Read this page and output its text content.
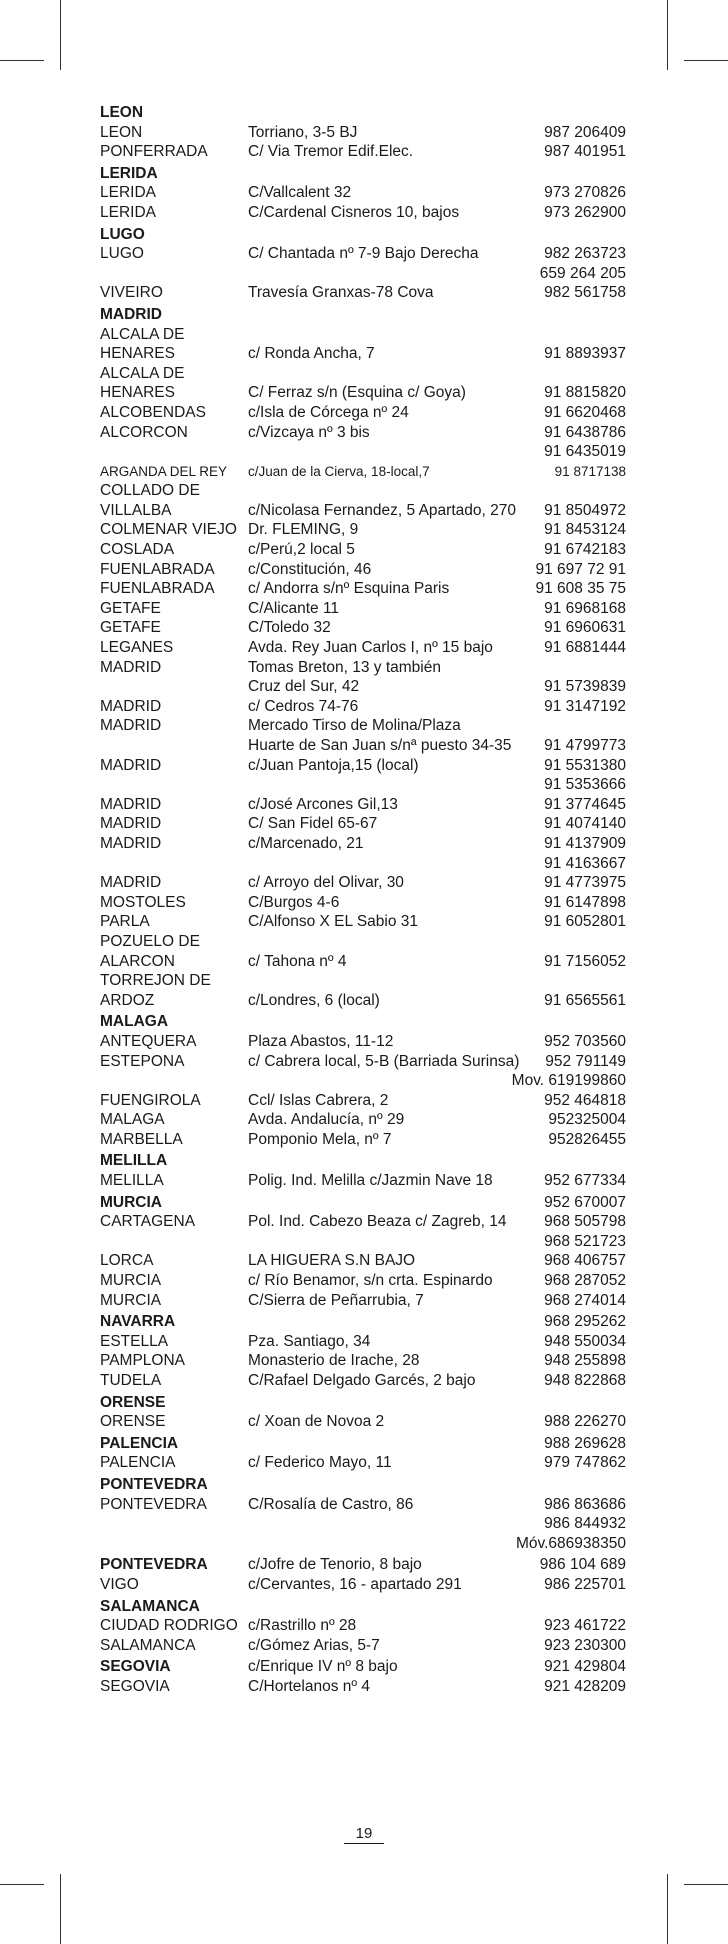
LEON
LEON	Torriano, 3-5 BJ	987 206409
PONFERRADA	C/ Via Tremor Edif.Elec.	987 401951
LERIDA
LERIDA	C/Vallcalent 32	973 270826
LERIDA	C/Cardenal Cisneros 10, bajos	973 262900
LUGO
LUGO	C/ Chantada nº 7-9 Bajo Derecha	982 263723
659 264 205
VIVEIRO	Travesía Granxas-78 Cova	982 561758
MADRID
ALCALA DE
HENARES	c/ Ronda Ancha, 7	91 8893937
ALCALA DE
HENARES	C/ Ferraz s/n (Esquina c/ Goya)	91 8815820
ALCOBENDAS	c/Isla de Córcega nº 24	91 6620468
ALCORCON	c/Vizcaya nº 3 bis	91 6438786
91 6435019
ARGANDA DEL REY c/Juan de la Cierva, 18-local,7	91 8717138
COLLADO DE
VILLALBA	c/Nicolasa Fernandez, 5 Apartado, 270 91 8504972
COLMENAR VIEJO Dr. FLEMING, 9	91 8453124
COSLADA	c/Perú,2 local 5	91 6742183
FUENLABRADA c/Constitución, 46	91 697 72 91
FUENLABRADA c/ Andorra s/nº Esquina Paris	91 608 35 75
GETAFE	C/Alicante 11	91 6968168
GETAFE	C/Toledo 32	91 6960631
LEGANES	Avda. Rey Juan Carlos I, nº 15 bajo	91 6881444
MADRID	Tomas Breton, 13 y también
Cruz del Sur, 42	91 5739839
MADRID	c/ Cedros 74-76	91 3147192
MADRID	Mercado Tirso de Molina/Plaza
Huarte de San Juan s/nª puesto 34-35 91 4799773
MADRID	c/Juan Pantoja,15 (local)	91 5531380
91 5353666
MADRID	c/José Arcones Gil,13	91 3774645
MADRID	C/ San Fidel 65-67	91 4074140
MADRID	c/Marcenado, 21	91 4137909
91 4163667
MADRID	c/ Arroyo del Olivar, 30	91 4773975
MOSTOLES	C/Burgos 4-6	91 6147898
PARLA	C/Alfonso X EL Sabio 31	91 6052801
POZUELO DE
ALARCON	c/ Tahona nº 4	91 7156052
TORREJON DE
ARDOZ	c/Londres, 6 (local)	91 6565561
MALAGA
ANTEQUERA	Plaza Abastos, 11-12	952 703560
ESTEPONA	c/ Cabrera local, 5-B (Barriada Surinsa) 952 791149
Mov. 619199860
FUENGIROLA	Ccl/ Islas Cabrera, 2	952 464818
MALAGA	Avda. Andalucía, nº 29	952325004
MARBELLA	Pomponio Mela, nº 7	952826455
MELILLA
MELILLA	Polig. Ind. Melilla c/Jazmin Nave 18	952 677334
MURCIA	952 670007
CARTAGENA	Pol. Ind. Cabezo Beaza c/ Zagreb, 14 968 505798
968 521723
LORCA	LA HIGUERA S.N BAJO	968 406757
MURCIA	c/ Río Benamor, s/n crta. Espinardo	968 287052
MURCIA	C/Sierra de Peñarrubia, 7	968 274014
NAVARRA	968 295262
ESTELLA	Pza. Santiago, 34	948 550034
PAMPLONA	Monasterio de Irache, 28	948 255898
TUDELA	C/Rafael Delgado Garcés, 2 bajo	948 822868
ORENSE
ORENSE	c/ Xoan de Novoa 2	988 226270
PALENCIA	988 269628
PALENCIA	c/ Federico Mayo, 11	979 747862
PONTEVEDRA
PONTEVEDRA	C/Rosalía de Castro, 86	986 863686
986 844932
Móv.686938350
PONTEVEDRA	c/Jofre de Tenorio, 8 bajo	986 104 689
VIGO	c/Cervantes, 16 - apartado 291	986 225701
SALAMANCA
CIUDAD RODRIGO c/Rastrillo nº 28	923 461722
SALAMANCA	c/Gómez Arias, 5-7	923 230300
SEGOVIA	c/Enrique IV nº 8 bajo	921 429804
SEGOVIA	C/Hortelanos nº 4	921 428209
19
